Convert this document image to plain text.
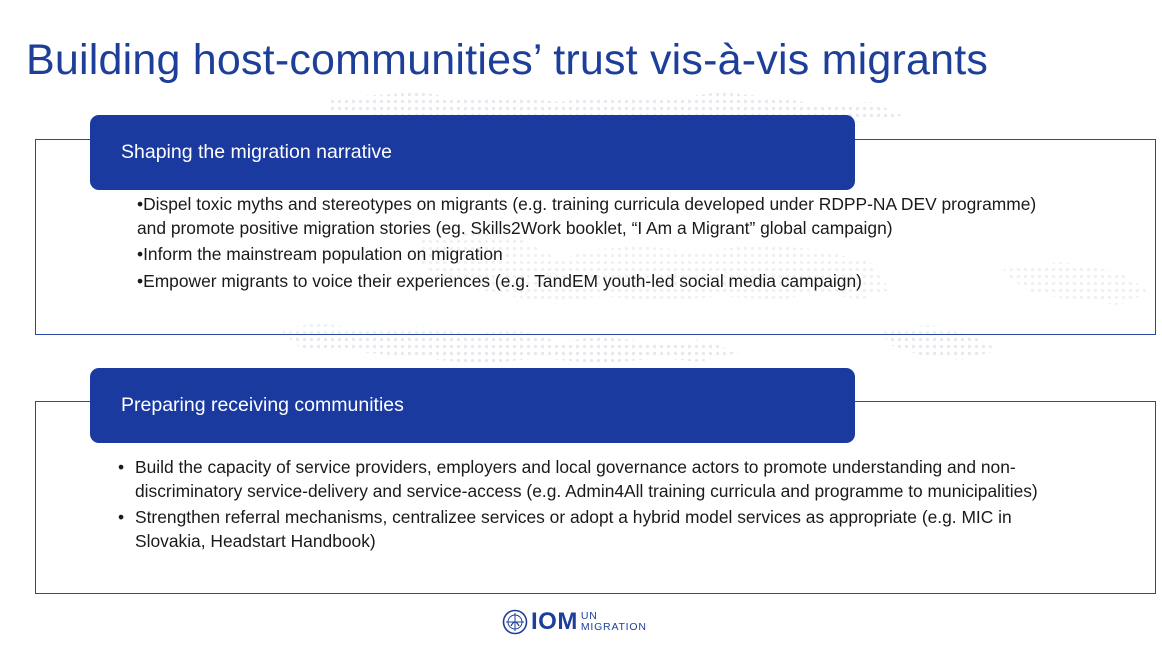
Building host-communities’ trust vis-à-vis migrants
Shaping the migration narrative
• Dispel toxic myths and stereotypes on migrants (e.g. training curricula developed under RDPP-NA DEV programme) and promote positive migration stories (eg. Skills2Work booklet, “I Am a Migrant” global campaign)
• Inform the mainstream population on migration
• Empower migrants to voice their experiences (e.g. TandEM youth-led social media campaign)
Preparing receiving communities
• Build the capacity of service providers, employers and local governance actors to promote understanding and non-discriminatory service-delivery and service-access (e.g. Admin4All training curricula and programme to municipalities)
• Strengthen referral mechanisms, centralizee services or adopt a hybrid model services as appropriate (e.g. MIC in Slovakia, Headstart Handbook)
IOM UN
MIGRATION
